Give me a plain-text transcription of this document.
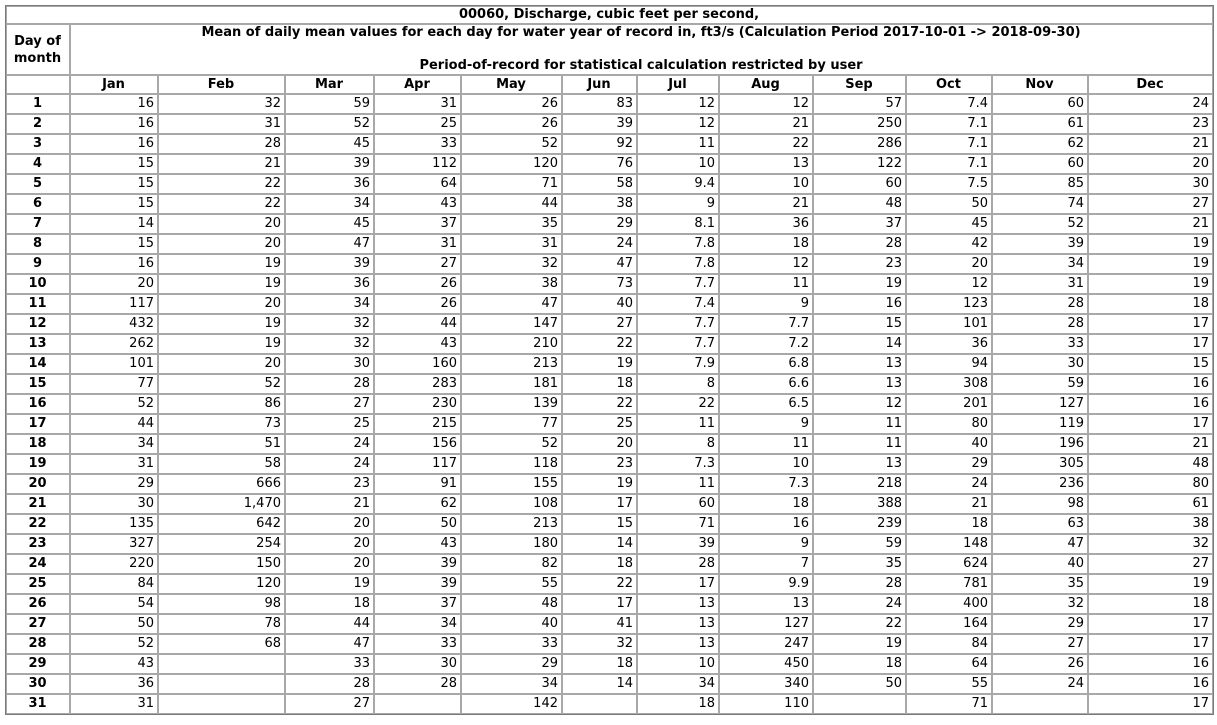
00060, Discharge, cubic feet per second,												

Day of
month	Mean of daily mean values for each day for water year of record in, ft3/s (Calculation Period 2017-10-01 -> 2018-09-30)
Period-of-record for statistical calculation restricted by user											

	Jan	Feb	Mar	Apr	May	Jun	Jul	Aug	Sep	Oct	Nov	Dec
1	16	32	59	31	26	83	12	12	57	7.4	60	24
2	16	31	52	25	26	39	12	21	250	7.1	61	23
3	16	28	45	33	52	92	11	22	286	7.1	62	21
4	15	21	39	112	120	76	10	13	122	7.1	60	20
5	15	22	36	64	71	58	9.4	10	60	7.5	85	30
6	15	22	34	43	44	38	9	21	48	50	74	27
7	14	20	45	37	35	29	8.1	36	37	45	52	21
8	15	20	47	31	31	24	7.8	18	28	42	39	19
9	16	19	39	27	32	47	7.8	12	23	20	34	19
10	20	19	36	26	38	73	7.7	11	19	12	31	19
11	117	20	34	26	47	40	7.4	9	16	123	28	18
12	432	19	32	44	147	27	7.7	7.7	15	101	28	17
13	262	19	32	43	210	22	7.7	7.2	14	36	33	17
14	101	20	30	160	213	19	7.9	6.8	13	94	30	15
15	77	52	28	283	181	18	8	6.6	13	308	59	16
16	52	86	27	230	139	22	22	6.5	12	201	127	16
17	44	73	25	215	77	25	11	9	11	80	119	17
18	34	51	24	156	52	20	8	11	11	40	196	21
19	31	58	24	117	118	23	7.3	10	13	29	305	48
20	29	666	23	91	155	19	11	7.3	218	24	236	80
21	30	1,470	21	62	108	17	60	18	388	21	98	61
22	135	642	20	50	213	15	71	16	239	18	63	38
23	327	254	20	43	180	14	39	9	59	148	47	32
24	220	150	20	39	82	18	28	7	35	624	40	27
25	84	120	19	39	55	22	17	9.9	28	781	35	19
26	54	98	18	37	48	17	13	13	24	400	32	18
27	50	78	44	34	40	41	13	127	22	164	29	17
28	52	68	47	33	33	32	13	247	19	84	27	17
29	43		33	30	29	18	10	450	18	64	26	16
30	36		28	28	34	14	34	340	50	55	24	16
31	31		27		142		18	110		71		17
